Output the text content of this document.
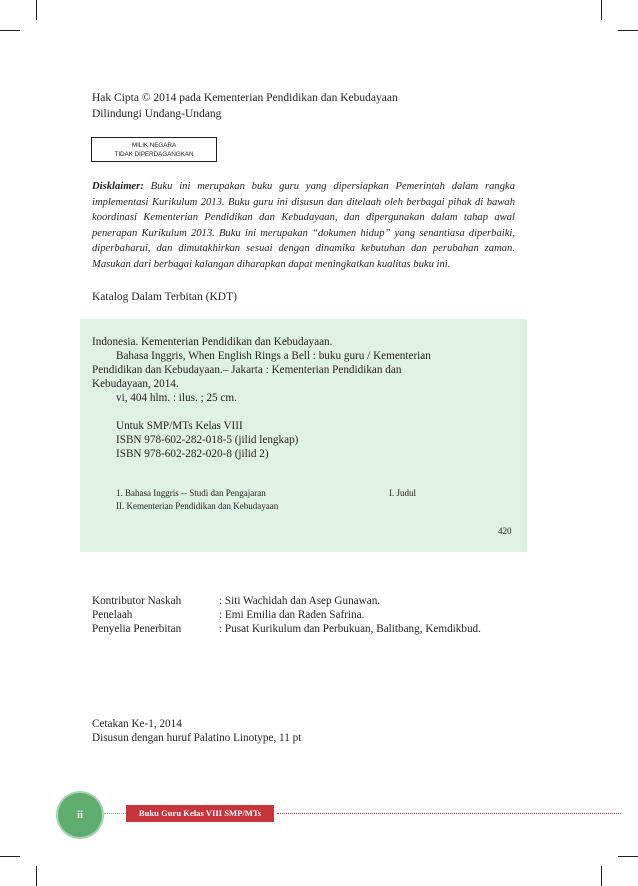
Hak Cipta © 2014 pada Kementerian Pendidikan dan Kebudayaan
Dilindungi Undang-Undang
MILIK NEGARA
TIDAK DIPERDAGANGKAN

Disklaimer: Buku ini merupakan buku guru yang dipersiapkan Pemerintah dalam rangka implementasi Kurikulum 2013. Buku guru ini disusun dan ditelaah oleh berbagai pihak di bawah koordinasi Kementerian Pendidikan dan Kebudayaan, dan dipergunakan dalam tahap awal penerapan Kurikulum 2013. Buku ini merupakan “dokumen hidup” yang senantiasa diperbaiki, diperbaharui, dan dimutakhirkan sesuai dengan dinamika kebutuhan dan perubahan zaman. Masukan dari berbagai kalangan diharapkan dapat meningkatkan kualitas buku ini.

Katalog Dalam Terbitan (KDT)
Indonesia. Kementerian Pendidikan dan Kebudayaan.
Bahasa Inggris, When English Rings a Bell : buku guru / Kementerian
Pendidikan dan Kebudayaan.– Jakarta : Kementerian Pendidikan dan
Kebudayaan, 2014.
vi, 404 hlm. : ilus. ; 25 cm.
Untuk SMP/MTs Kelas VIII
ISBN 978-602-282-018-5 (jilid lengkap)
ISBN 978-602-282-020-8 (jilid 2)
1. Bahasa Inggris -- Studi dan Pengajaran	I. Judul
II. Kementerian Pendidikan dan Kebudayaan
420
Kontributor Naskah	: Siti Wachidah dan Asep Gunawan.
Penelaah	: Emi Emilia dan Raden Safrina.
Penyelia Penerbitan	: Pusat Kurikulum dan Perbukuan, Balitbang, Kemdikbud.
Cetakan Ke-1, 2014
Disusun dengan huruf Palatino Linotype, 11 pt
ii	Buku Guru Kelas VIII SMP/MTs
